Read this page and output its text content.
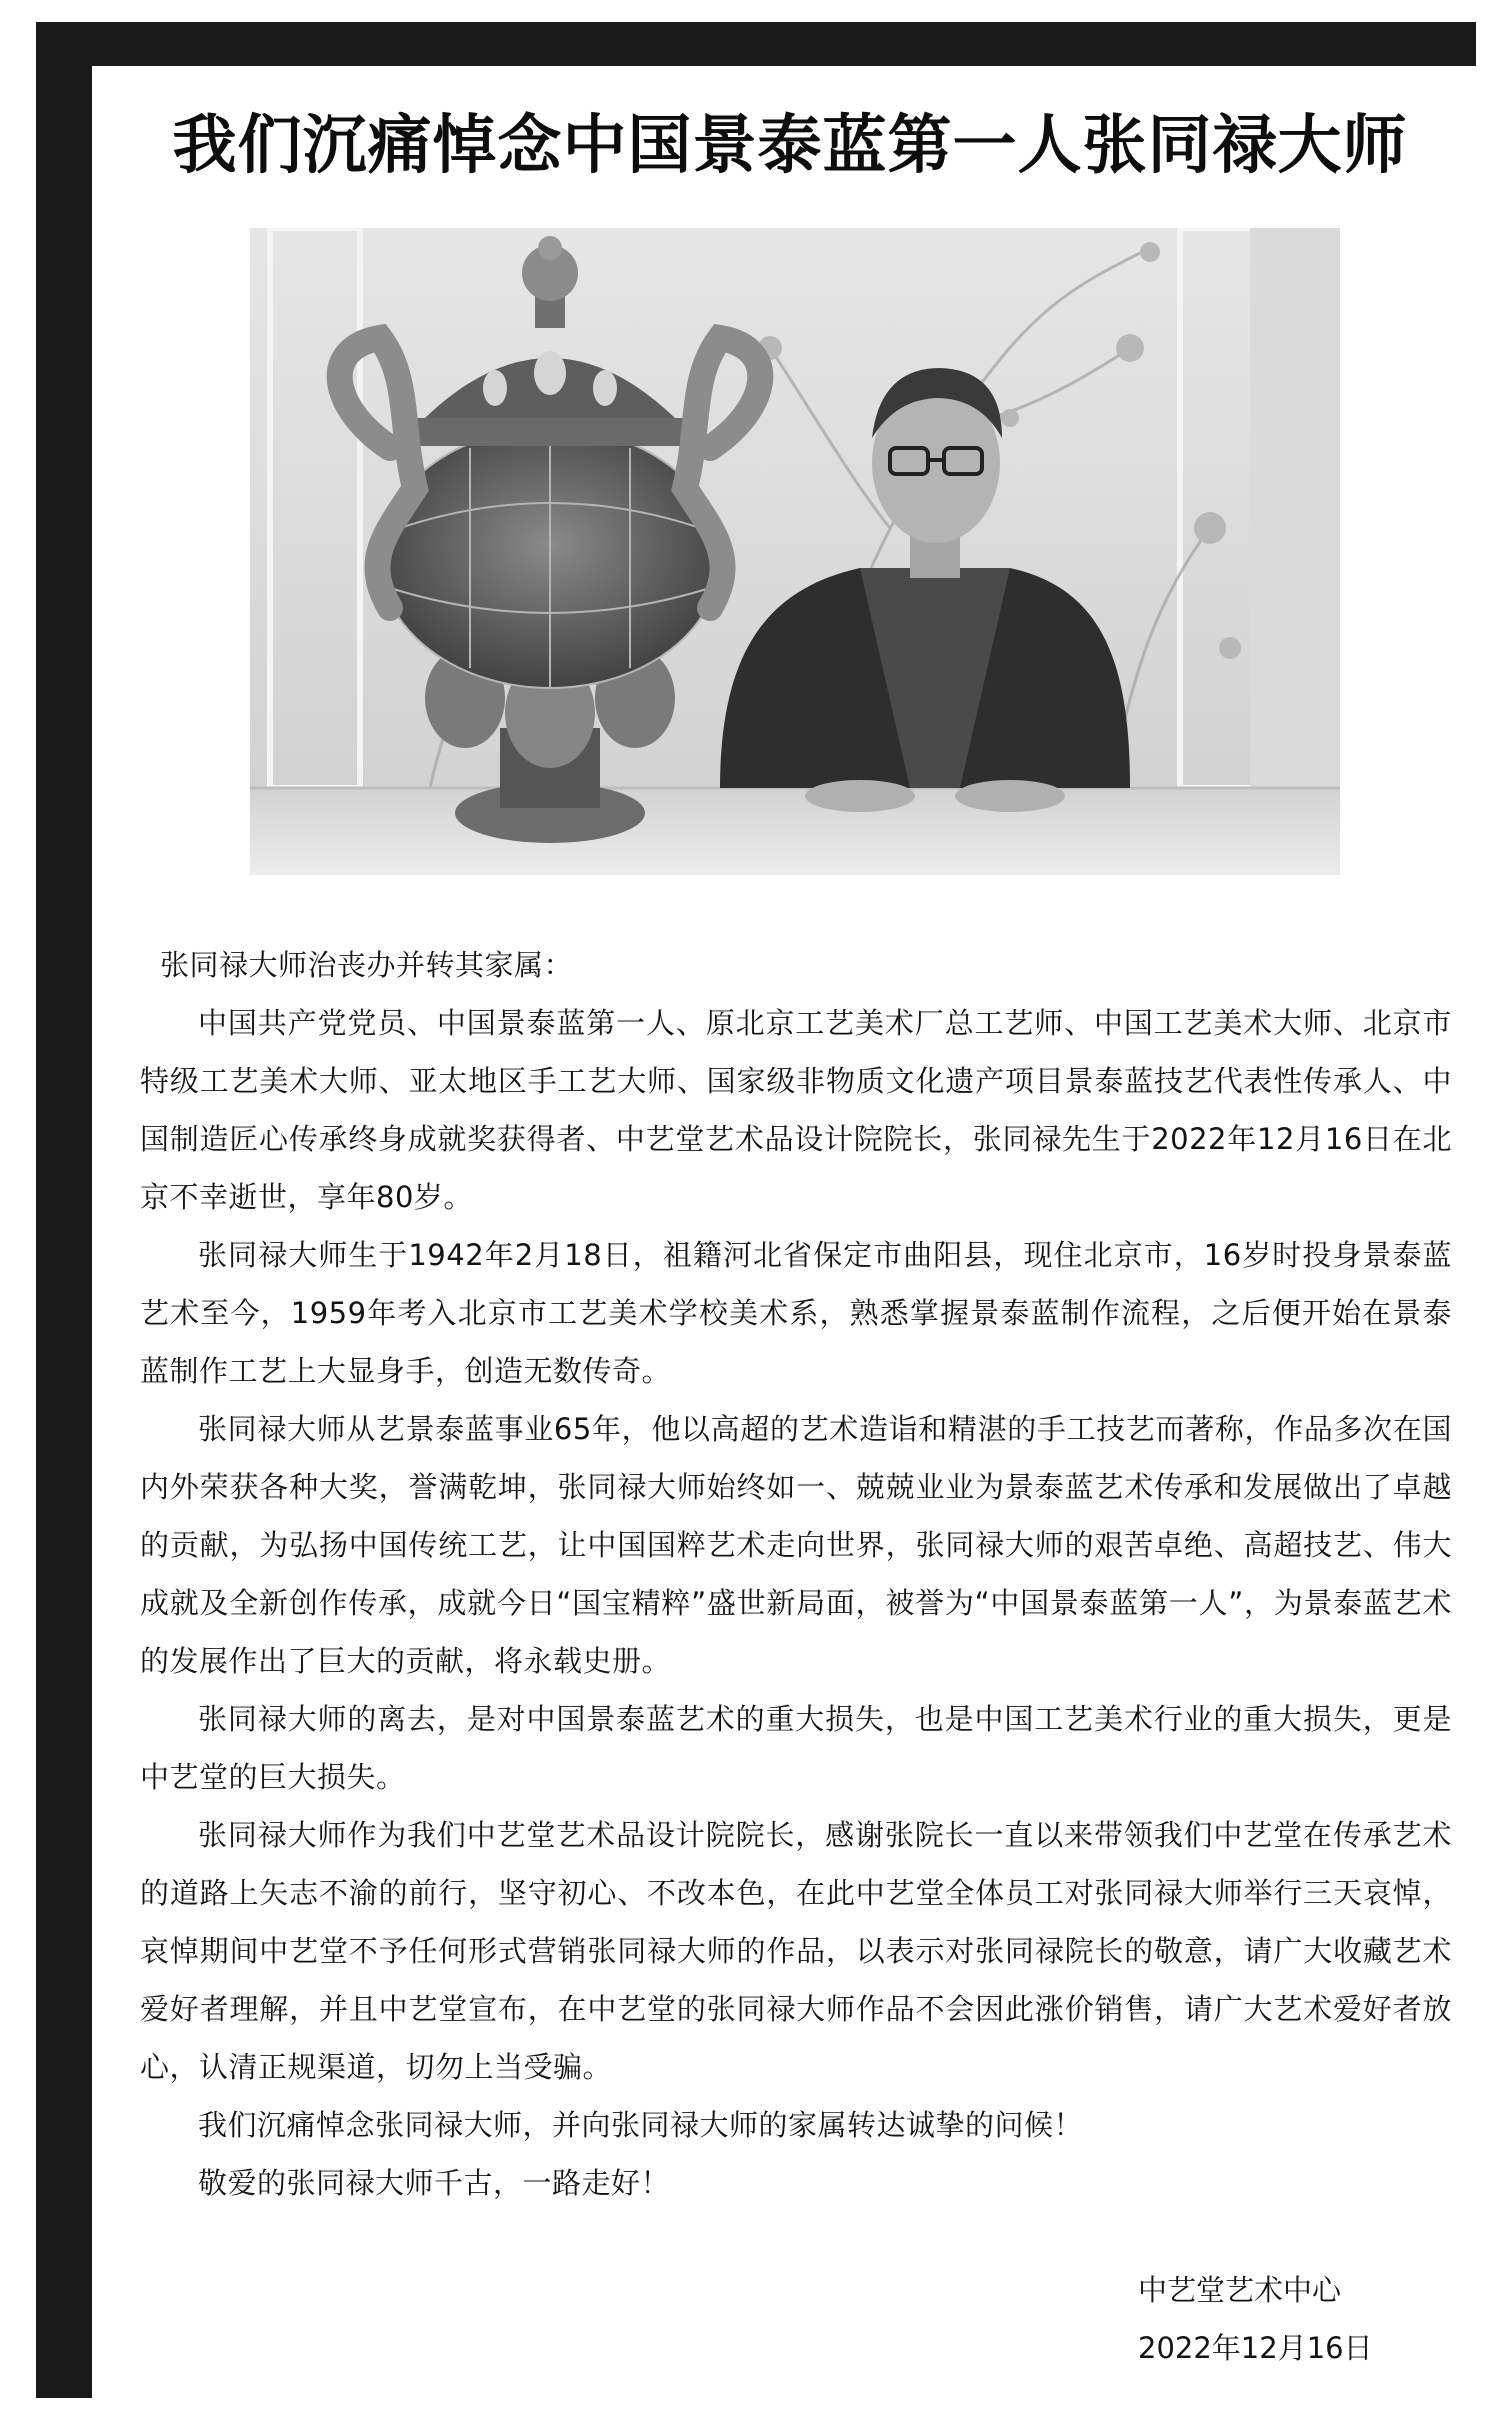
我们沉痛悼念中国景泰蓝第一人张同禄大师

张同禄大师治丧办并转其家属：

中国共产党党员、中国景泰蓝第一人、原北京工艺美术厂总工艺师、中国工艺美术大师、北京市特级工艺美术大师、亚太地区手工艺大师、国家级非物质文化遗产项目景泰蓝技艺代表性传承人、中国制造匠心传承终身成就奖获得者、中艺堂艺术品设计院院长，张同禄先生于2022年12月16日在北京不幸逝世，享年80岁。

张同禄大师生于1942年2月18日，祖籍河北省保定市曲阳县，现住北京市，16岁时投身景泰蓝艺术至今，1959年考入北京市工艺美术学校美术系，熟悉掌握景泰蓝制作流程，之后便开始在景泰蓝制作工艺上大显身手，创造无数传奇。

张同禄大师从艺景泰蓝事业65年，他以高超的艺术造诣和精湛的手工技艺而著称，作品多次在国内外荣获各种大奖，誉满乾坤，张同禄大师始终如一、兢兢业业为景泰蓝艺术传承和发展做出了卓越的贡献，为弘扬中国传统工艺，让中国国粹艺术走向世界，张同禄大师的艰苦卓绝、高超技艺、伟大成就及全新创作传承，成就今日“国宝精粹”盛世新局面，被誉为“中国景泰蓝第一人”，为景泰蓝艺术的发展作出了巨大的贡献，将永载史册。

张同禄大师的离去，是对中国景泰蓝艺术的重大损失，也是中国工艺美术行业的重大损失，更是中艺堂的巨大损失。

张同禄大师作为我们中艺堂艺术品设计院院长，感谢张院长一直以来带领我们中艺堂在传承艺术的道路上矢志不渝的前行，坚守初心、不改本色，在此中艺堂全体员工对张同禄大师举行三天哀悼，哀悼期间中艺堂不予任何形式营销张同禄大师的作品，以表示对张同禄院长的敬意，请广大收藏艺术爱好者理解，并且中艺堂宣布，在中艺堂的张同禄大师作品不会因此涨价销售，请广大艺术爱好者放心，认清正规渠道，切勿上当受骗。

我们沉痛悼念张同禄大师，并向张同禄大师的家属转达诚挚的问候！

敬爱的张同禄大师千古，一路走好！

中艺堂艺术中心
2022年12月16日
